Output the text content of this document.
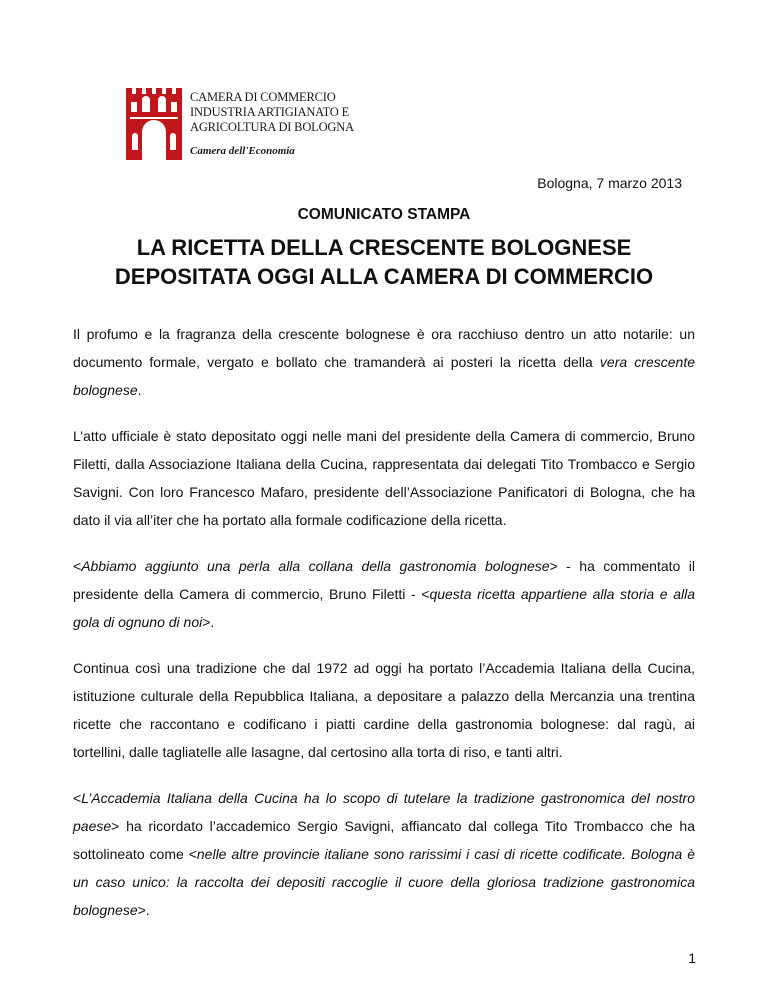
CAMERA DI COMMERCIO
INDUSTRIA ARTIGIANATO E
AGRICOLTURA DI BOLOGNA
Camera dell'Economia
Bologna, 7 marzo 2013
COMUNICATO STAMPA
LA RICETTA DELLA CRESCENTE BOLOGNESE
DEPOSITATA OGGI ALLA CAMERA DI COMMERCIO

Il profumo e la fragranza della crescente bolognese è ora racchiuso dentro un atto notarile: un documento formale, vergato e bollato che tramanderà ai posteri la ricetta della vera crescente bolognese.

L’atto ufficiale è stato depositato oggi nelle mani del presidente della Camera di commercio, Bruno Filetti, dalla Associazione Italiana della Cucina, rappresentata dai delegati Tito Trombacco e Sergio Savigni. Con loro Francesco Mafaro, presidente dell’Associazione Panificatori di Bologna, che ha dato il via all’iter che ha portato alla formale codificazione della ricetta.

<Abbiamo aggiunto una perla alla collana della gastronomia bolognese> - ha commentato il presidente della Camera di commercio, Bruno Filetti - <questa ricetta appartiene alla storia e alla gola di ognuno di noi>.

Continua così una tradizione che dal 1972 ad oggi ha portato l’Accademia Italiana della Cucina, istituzione culturale della Repubblica Italiana, a depositare a palazzo della Mercanzia una trentina ricette che raccontano e codificano i piatti cardine della gastronomia bolognese: dal ragù, ai tortellini, dalle tagliatelle alle lasagne, dal certosino alla torta di riso, e tanti altri.

<L’Accademia Italiana della Cucina ha lo scopo di tutelare la tradizione gastronomica del nostro paese> ha ricordato l’accademico Sergio Savigni, affiancato dal collega Tito Trombacco che ha sottolineato come <nelle altre provincie italiane sono rarissimi i casi di ricette codificate. Bologna è un caso unico: la raccolta dei depositi raccoglie il cuore della gloriosa tradizione gastronomica bolognese>.

1
